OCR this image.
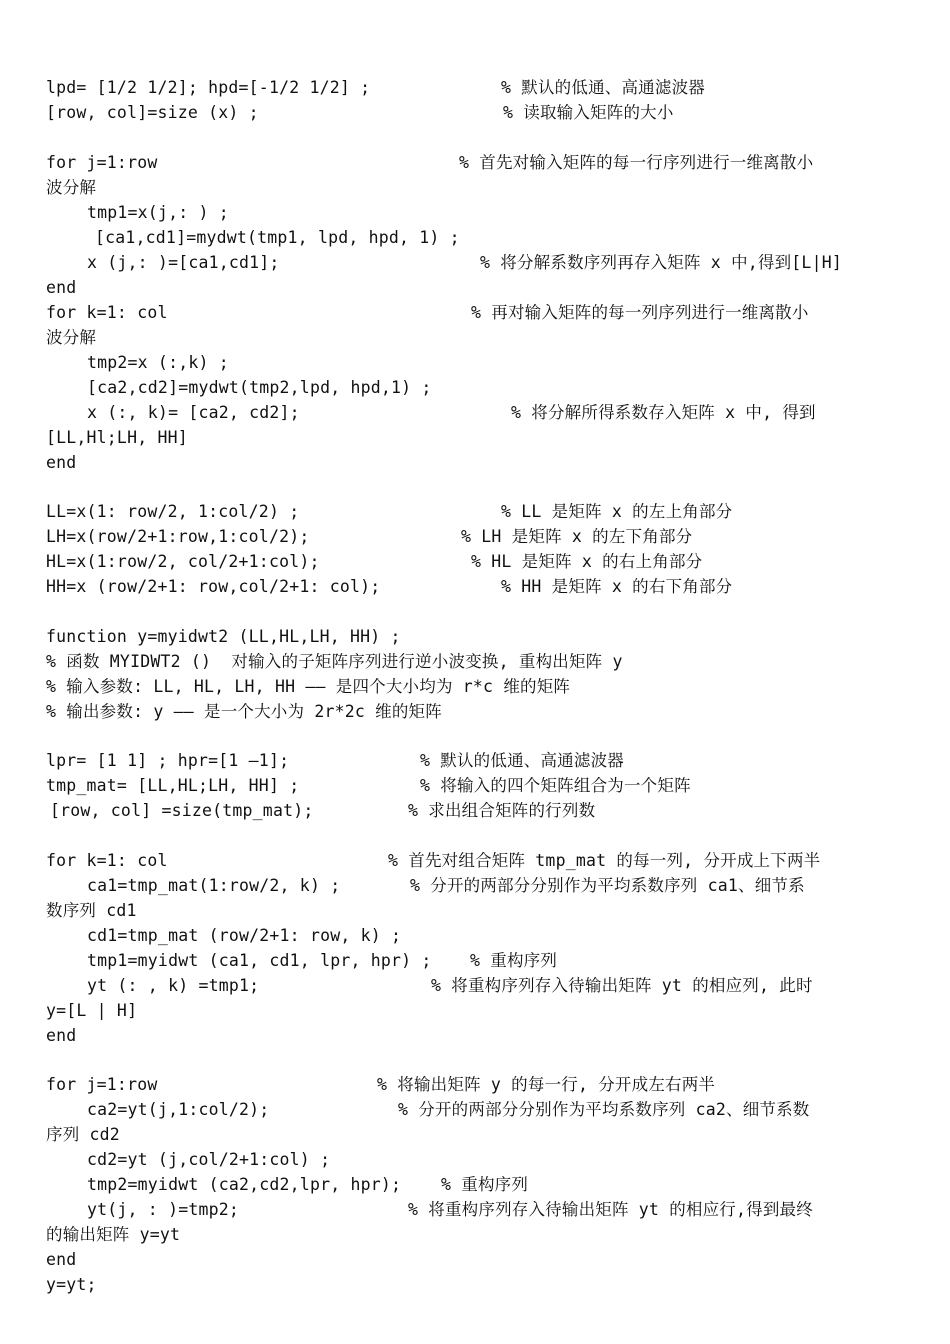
lpd= [1/2 1/2]; hpd=[-1/2 1/2] ;	% 默认的低通、高通滤波器
[row, col]=size (x) ;	% 读取输入矩阵的大小
for j=1:row	% 首先对输入矩阵的每一行序列进行一维离散小
波分解
tmp1=x(j,: ) ;
[ca1,cd1]=mydwt(tmp1, lpd, hpd, 1) ;
x (j,: )=[ca1,cd1];	% 将分解系数序列再存入矩阵 x 中,得到[L|H]
end
for k=1: col	% 再对输入矩阵的每一列序列进行一维离散小
波分解
tmp2=x (:,k) ;
[ca2,cd2]=mydwt(tmp2,lpd, hpd,1) ;
x (:, k)= [ca2, cd2];	% 将分解所得系数存入矩阵 x 中, 得到
[LL,Hl;LH, HH]
end
LL=x(1: row/2, 1:col/2) ;	% LL 是矩阵 x 的左上角部分
LH=x(row/2+1:row,1:col/2);	% LH 是矩阵 x 的左下角部分
HL=x(1:row/2, col/2+1:col);	% HL 是矩阵 x 的右上角部分
HH=x (row/2+1: row,col/2+1: col);	% HH 是矩阵 x 的右下角部分
function y=myidwt2 (LL,HL,LH, HH) ;
% 函数 MYIDWT2 ()  对输入的子矩阵序列进行逆小波变换, 重构出矩阵 y
% 输入参数: LL, HL, LH, HH —— 是四个大小均为 r*c 维的矩阵
% 输出参数: y —— 是一个大小为 2r*2c 维的矩阵
lpr= [1 1] ; hpr=[1 —1];	% 默认的低通、高通滤波器
tmp_mat= [LL,HL;LH, HH] ;	% 将输入的四个矩阵组合为一个矩阵
[row, col] =size(tmp_mat);	% 求出组合矩阵的行列数
for k=1: col	% 首先对组合矩阵 tmp_mat 的每一列, 分开成上下两半
ca1=tmp_mat(1:row/2, k) ;	% 分开的两部分分别作为平均系数序列 ca1、细节系
数序列 cd1
cd1=tmp_mat (row/2+1: row, k) ;
tmp1=myidwt (ca1, cd1, lpr, hpr) ; % 重构序列
yt (: , k) =tmp1;	% 将重构序列存入待输出矩阵 yt 的相应列, 此时
y=[L | H]
end
for j=1:row	% 将输出矩阵 y 的每一行, 分开成左右两半
ca2=yt(j,1:col/2);	% 分开的两部分分别作为平均系数序列 ca2、细节系数
序列 cd2
cd2=yt (j,col/2+1:col) ;
tmp2=myidwt (ca2,cd2,lpr, hpr); % 重构序列
yt(j, : )=tmp2;	% 将重构序列存入待输出矩阵 yt 的相应行,得到最终
的输出矩阵 y=yt
end
y=yt;
